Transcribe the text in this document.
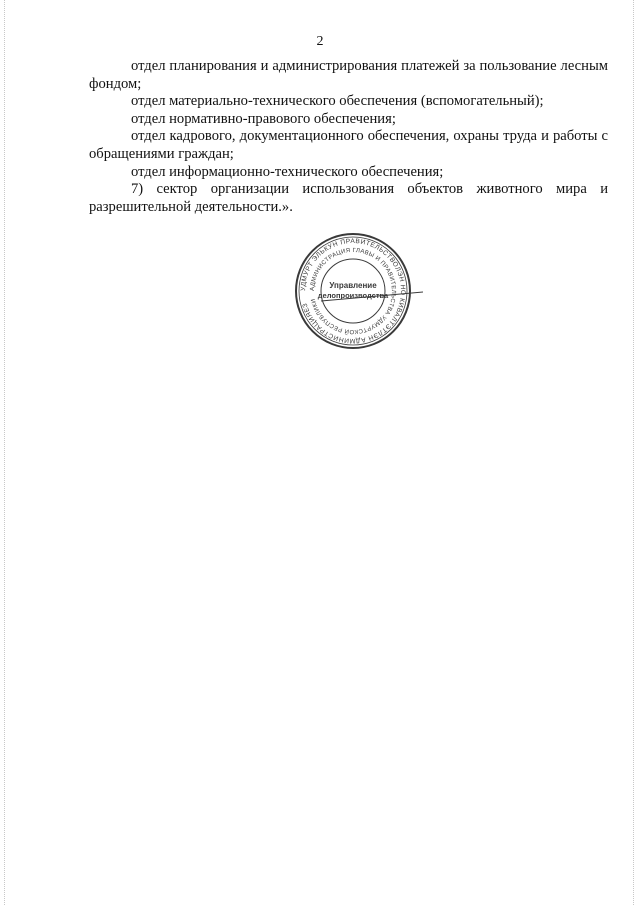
2

отдел планирования и администрирования платежей за пользование лесным фондом;

отдел материально-технического обеспечения (вспомогательный);

отдел нормативно-правового обеспечения;

отдел кадрового, документационного обеспечения, охраны труда и работы с обращениями граждан;

отдел информационно-технического обеспечения;

7) сектор организации использования объектов животного мира и разрешительной деятельности.».

УДМУРТ ЭЛЬКУН ПРАВИТЕЛЬСТВОЛЭН НО КИВАЛТЭТЛЭН АДМИНИСТРАЦИЯЕЗ
АДМИНИСТРАЦИЯ ГЛАВЫ И ПРАВИТЕЛЬСТВА УДМУРТСКОЙ РЕСПУБЛИКИ
Управление
делопроизводства
